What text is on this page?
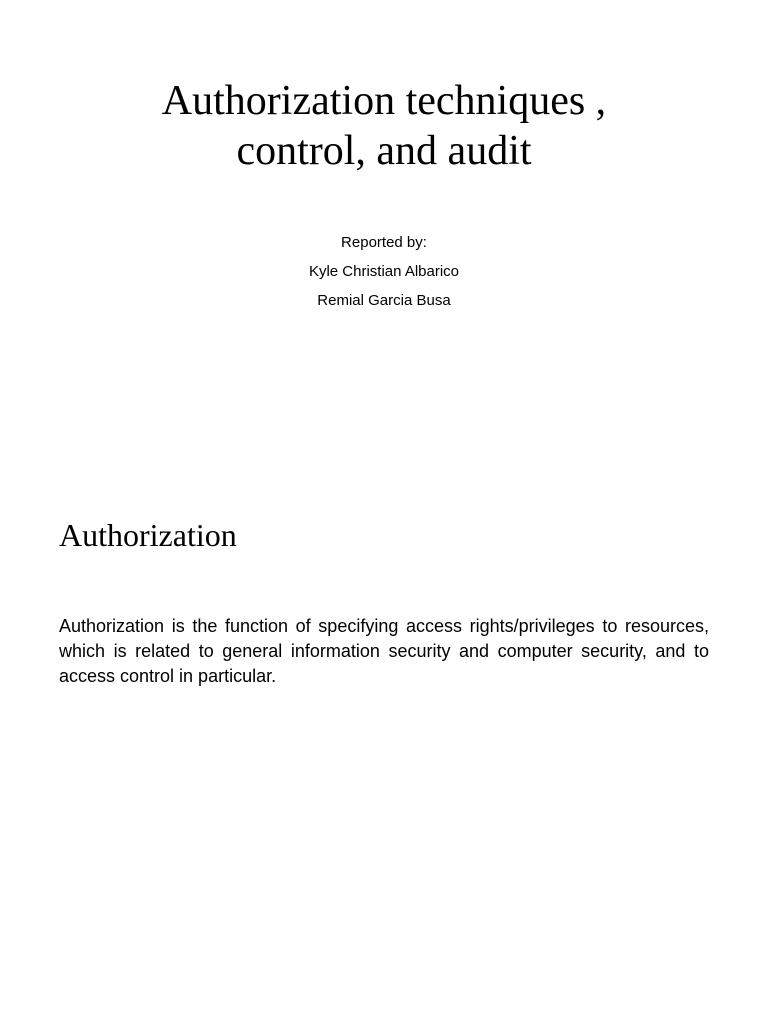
Authorization techniques ,
control, and audit
Reported by:
Kyle Christian Albarico
Remial Garcia Busa
Authorization

Authorization is the function of specifying access rights/privileges to resources, which is related to general information security and computer security, and to access control in particular.
